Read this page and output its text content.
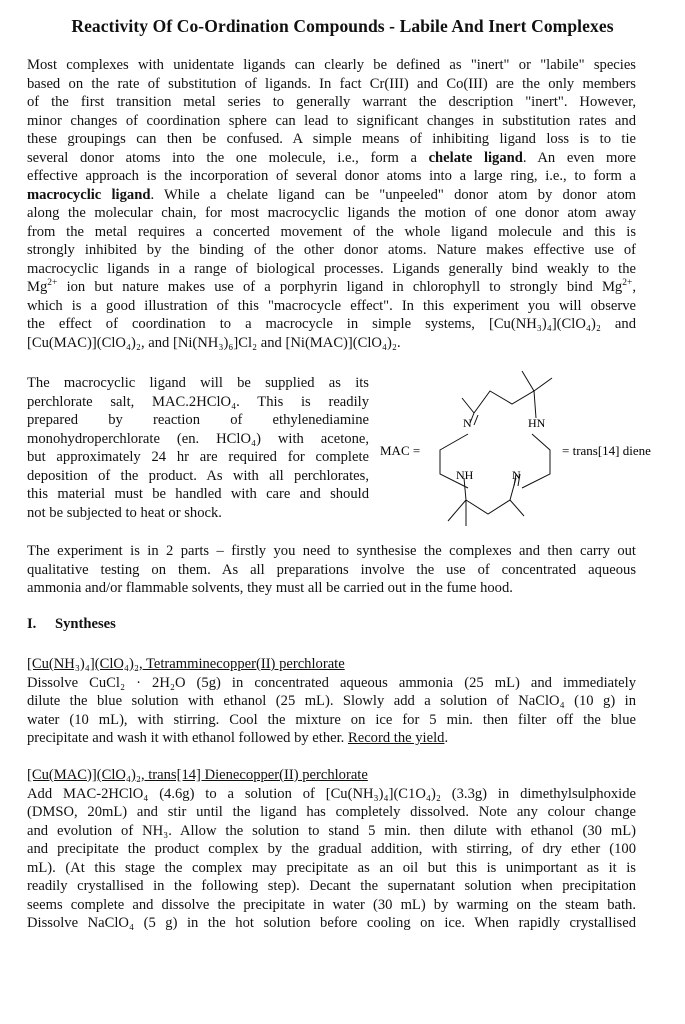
Reactivity Of Co-Ordination Compounds - Labile And Inert Complexes
Most complexes with unidentate ligands can clearly be defined as "inert" or "labile" species
based on the rate of substitution of ligands. In fact Cr(III) and Co(III) are the only members
of the first transition metal series to generally warrant the description "inert". However,
minor changes of coordination sphere can lead to significant changes in substitution rates and
these groupings can then be confused. A simple means of inhibiting ligand loss is to tie
several donor atoms into the one molecule, i.e., form a chelate ligand. An even more
effective approach is the incorporation of several donor atoms into a large ring, i.e., to form a
macrocyclic ligand. While a chelate ligand can be "unpeeled" donor atom by donor atom
along the molecular chain, for most macrocyclic ligands the motion of one donor atom away
from the metal requires a concerted movement of the whole ligand molecule and this is
strongly inhibited by the binding of the other donor atoms. Nature makes effective use of
macrocyclic ligands in a range of biological processes. Ligands generally bind weakly to the
$Mg^{2+}$ ion but nature makes use of a porphyrin ligand in chlorophyll to strongly bind $Mg^{2+}$,
which is a good illustration of this "macrocycle effect". In this experiment you will observe
the effect of coordination to a macrocycle in simple systems, [Cu(NH₃)₄](ClO₄)₂ and
[Cu(MAC)](ClO₄)₂, and [Ni(NH₃)₆]Cl₂ and [Ni(MAC)](ClO₄)₂.
The macrocyclic ligand will be supplied as its
perchlorate salt, MAC.2HClO₄. This is readily
prepared by reaction of ethylenediamine
monohydroperchlorate (en. HClO₄) with acetone,
but approximately 24 hr are required for complete
deposition of the product. As with all perchlorates,
this material must be handled with care and should
not be subjected to heat or shock.
N	HN
NH	N
MAC =	= trans[14] diene
The experiment is in 2 parts – firstly you need to synthesise the complexes and then carry out
qualitative testing on them. As all preparations involve the use of concentrated aqueous
ammonia and/or flammable solvents, they must all be carried out in the fume hood.
I. Syntheses
[Cu(NH₃)₄](ClO₄)₂, Tetramminecopper(II) perchlorate
Dissolve CuCl₂ · 2H₂O (5g) in concentrated aqueous ammonia (25 mL) and immediately
dilute the blue solution with ethanol (25 mL). Slowly add a solution of NaClO₄ (10 g) in
water (10 mL), with stirring. Cool the mixture on ice for 5 min. then filter off the blue
precipitate and wash it with ethanol followed by ether. Record the yield.
[Cu(MAC)](ClO₄)₂, trans[14] Dienecopper(II) perchlorate
Add MAC-2HClO₄ (4.6g) to a solution of [Cu(NH₃)₄](C1O₄)₂ (3.3g) in dimethylsulphoxide
(DMSO, 20mL) and stir until the ligand has completely dissolved. Note any colour change
and evolution of NH₃. Allow the solution to stand 5 min. then dilute with ethanol (30 mL)
and precipitate the product complex by the gradual addition, with stirring, of dry ether (100
mL). (At this stage the complex may precipitate as an oil but this is unimportant as it is
readily crystallised in the following step). Decant the supernatant solution when precipitation
seems complete and dissolve the precipitate in water (30 mL) by warming on the steam bath.
Dissolve NaClO₄ (5 g) in the hot solution before cooling on ice. When rapidly crystallised
